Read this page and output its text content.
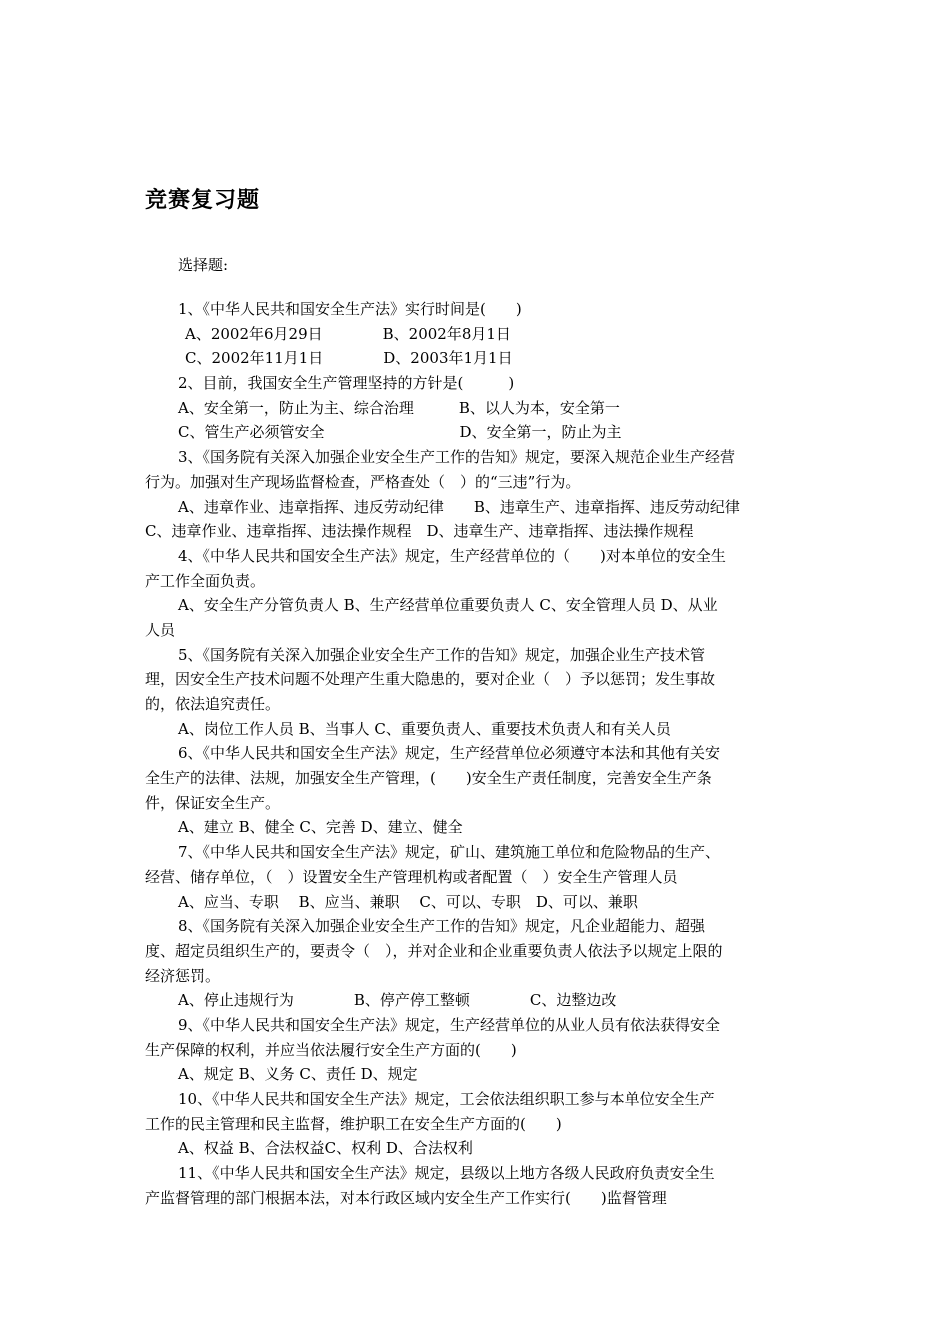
竞赛复习题
选择题:
1、《中华人民共和国安全生产法》实行时间是(　　)
A、2002年6月29日　　　　B、2002年8月1日
C、2002年11月1日　　　　D、2003年1月1日
2、目前，我国安全生产管理坚持的方针是(　　　)
A、安全第一，防止为主、综合治理　　　B、以人为本，安全第一
C、管生产必须管安全　　　　　　　　　D、安全第一，防止为主
3、《国务院有关深入加强企业安全生产工作的告知》规定，要深入规范企业生产经营
行为。加强对生产现场监督检查，严格查处（　）的“三违”行为。
A、违章作业、违章指挥、违反劳动纪律　　B、违章生产、违章指挥、违反劳动纪律
C、违章作业、违章指挥、违法操作规程　D、违章生产、违章指挥、违法操作规程
4、《中华人民共和国安全生产法》规定，生产经营单位的（　　)对本单位的安全生
产工作全面负责。
A、安全生产分管负责人 B、生产经营单位重要负责人 C、安全管理人员 D、从业
人员
5、《国务院有关深入加强企业安全生产工作的告知》规定，加强企业生产技术管
理，因安全生产技术问题不处理产生重大隐患的，要对企业（　）予以惩罚；发生事故
的，依法追究责任。
A、岗位工作人员 B、当事人 C、重要负责人、重要技术负责人和有关人员
6、《中华人民共和国安全生产法》规定，生产经营单位必须遵守本法和其他有关安
全生产的法律、法规，加强安全生产管理，(　　)安全生产责任制度，完善安全生产条
件，保证安全生产。
A、建立 B、健全 C、完善 D、建立、健全
7、《中华人民共和国安全生产法》规定，矿山、建筑施工单位和危险物品的生产、
经营、储存单位，（　）设置安全生产管理机构或者配置（　）安全生产管理人员
A、应当、专职　 B、应当、兼职　 C、可以、专职　D、可以、兼职
8、《国务院有关深入加强企业安全生产工作的告知》规定，凡企业超能力、超强
度、超定员组织生产的，要责令（　），并对企业和企业重要负责人依法予以规定上限的
经济惩罚。
A、停止违规行为　　　　B、停产停工整顿　　　　C、边整边改
9、《中华人民共和国安全生产法》规定，生产经营单位的从业人员有依法获得安全
生产保障的权利，并应当依法履行安全生产方面的(　　)
A、规定 B、义务 C、责任 D、规定
10、《中华人民共和国安全生产法》规定，工会依法组织职工参与本单位安全生产
工作的民主管理和民主监督，维护职工在安全生产方面的(　　)
A、权益 B、合法权益C、权利 D、合法权利
11、《中华人民共和国安全生产法》规定，县级以上地方各级人民政府负责安全生
产监督管理的部门根据本法，对本行政区域内安全生产工作实行(　　)监督管理
